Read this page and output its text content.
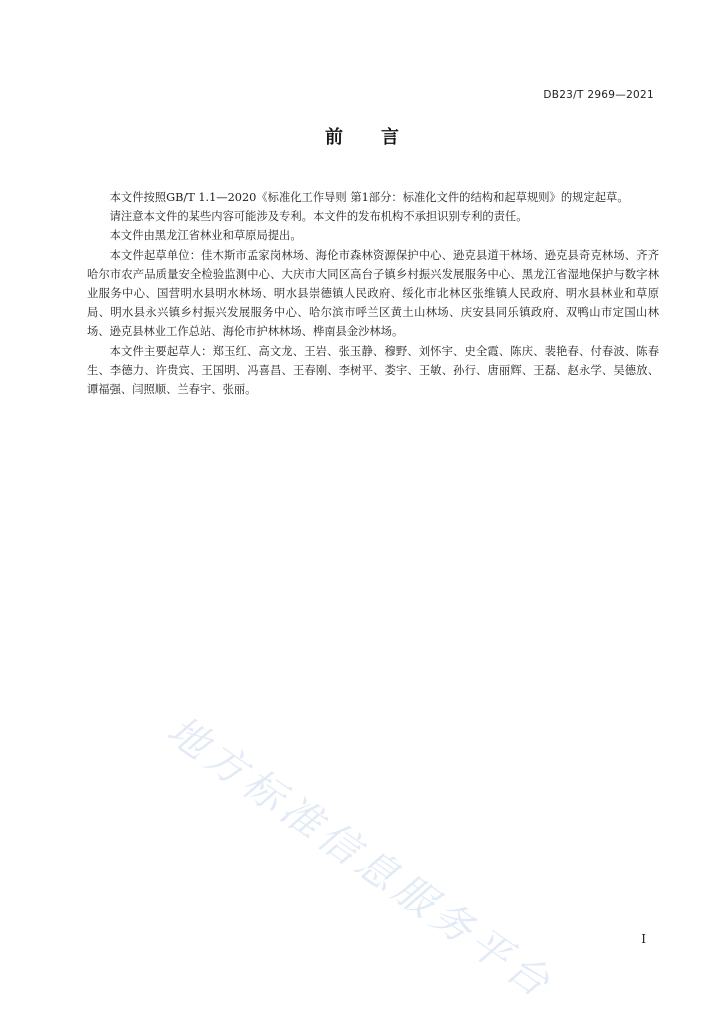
DB23/T 2969—2021
前言

本文件按照GB/T 1.1—2020《标准化工作导则 第1部分：标准化文件的结构和起草规则》的规定起草。

请注意本文件的某些内容可能涉及专利。本文件的发布机构不承担识别专利的责任。

本文件由黑龙江省林业和草原局提出。

本文件起草单位：佳木斯市孟家岗林场、海伦市森林资源保护中心、逊克县道干林场、逊克县奇克林场、齐齐哈尔市农产品质量安全检验监测中心、大庆市大同区高台子镇乡村振兴发展服务中心、黑龙江省湿地保护与数字林业服务中心、国营明水县明水林场、明水县崇德镇人民政府、绥化市北林区张维镇人民政府、明水县林业和草原局、明水县永兴镇乡村振兴发展服务中心、哈尔滨市呼兰区黄土山林场、庆安县同乐镇政府、双鸭山市定国山林场、逊克县林业工作总站、海伦市护林林场、桦南县金沙林场。

本文件主要起草人：郑玉红、高文龙、王岩、张玉静、穆野、刘怀宇、史全霞、陈庆、裴艳春、付春波、陈春生、李德力、许贵宾、王国明、冯喜昌、王春刚、李树平、娄宇、王敏、孙行、唐丽辉、王磊、赵永学、吴德放、谭福强、闫照顺、兰春宇、张丽。

地方标准信息服务平台	I
